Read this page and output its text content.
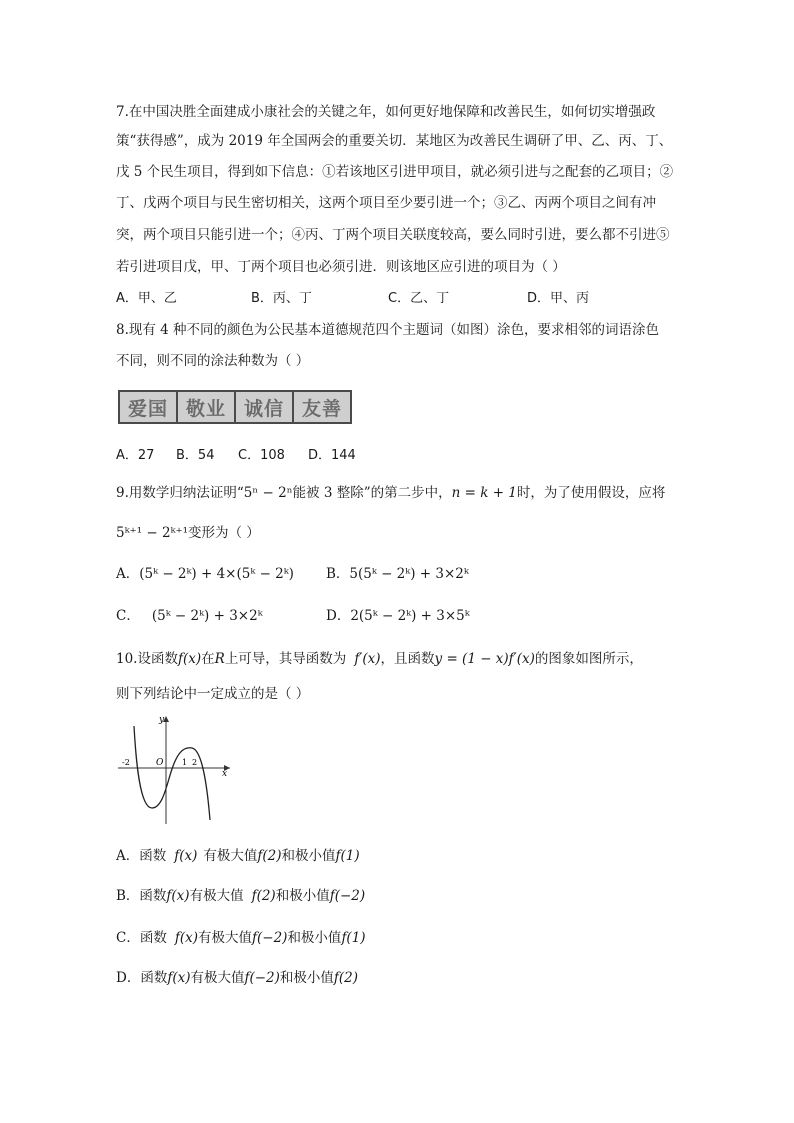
7.在中国决胜全面建成小康社会的关键之年，如何更好地保障和改善民生，如何切实增强政
策“获得感”，成为 2019 年全国两会的重要关切．某地区为改善民生调研了甲、乙、丙、丁、
戊 5 个民生项目，得到如下信息：①若该地区引进甲项目，就必须引进与之配套的乙项目；②
丁、戊两个项目与民生密切相关，这两个项目至少要引进一个；③乙、丙两个项目之间有冲
突，两个项目只能引进一个；④丙、丁两个项目关联度较高，要么同时引进，要么都不引进⑤
若引进项目戊，甲、丁两个项目也必须引进．则该地区应引进的项目为（ ）
A．甲、乙	B．丙、丁	C．乙、丁	D．甲、丙
8.现有 4 种不同的颜色为公民基本道德规范四个主题词（如图）涂色，要求相邻的词语涂色
不同，则不同的涂法种数为（ ）
爱国 敬业 诚信 友善
A．27 B．54 C．108 D．144
9.用数学归纳法证明“5ⁿ − 2ⁿ能被 3 整除”的第二步中，n = k + 1时，为了使用假设，应将
5ᵏ⁺¹ − 2ᵏ⁺¹变形为（ ）
A．(5ᵏ − 2ᵏ) + 4×(5ᵏ − 2ᵏ) B．5(5ᵏ − 2ᵏ) + 3×2ᵏ
C． (5ᵏ − 2ᵏ) + 3×2ᵏ	D．2(5ᵏ − 2ᵏ) + 3×5ᵏ
10.设函数f(x)在R上可导，其导函数为 f′(x)，且函数y = (1 − x)f′(x)的图象如图所示，
则下列结论中一定成立的是（ ）
y
x
O
-2	1 2
A．函数 f(x) 有极大值f(2)和极小值f(1)
B．函数f(x)有极大值 f(2)和极小值f(−2)
C．函数 f(x)有极大值f(−2)和极小值f(1)
D．函数f(x)有极大值f(−2)和极小值f(2)
